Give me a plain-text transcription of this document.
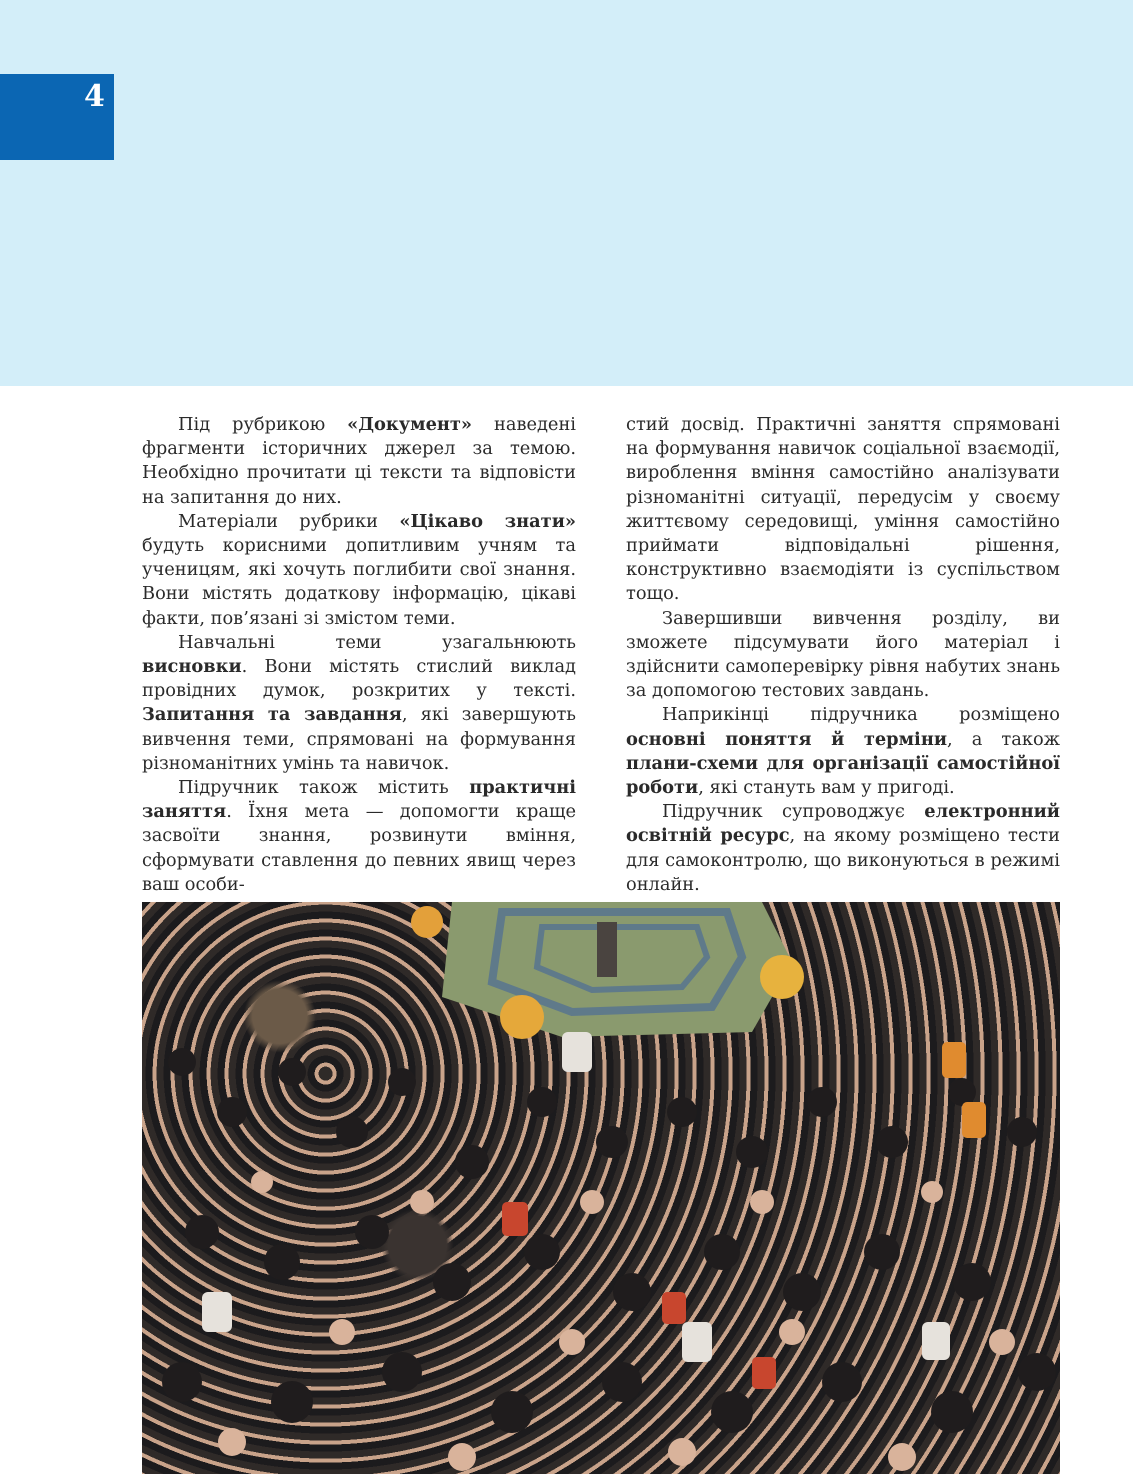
4

Під рубрикою «Документ» наведені фрагменти історичних джерел за темою. Необхідно прочитати ці тексти та відповісти на запитання до них.

Матеріали рубрики «Цікаво знати» будуть корисними допитливим учням та ученицям, які хочуть поглибити свої знання. Вони містять додаткову інформацію, цікаві факти, пов’язані зі змістом теми.

Навчальні теми узагальнюють висновки. Вони містять стислий виклад провідних думок, розкритих у тексті. Запитання та завдання, які завершують вивчення теми, спрямовані на формування різноманітних умінь та навичок.

Підручник також містить практичні заняття. Їхня мета — допомогти краще засвоїти знання, розвинути вміння, сформувати ставлення до певних явищ через ваш особи-

стий досвід. Практичні заняття спрямовані на формування навичок соціальної взаємодії, вироблення вміння самостійно аналізувати різноманітні ситуації, передусім у своєму життєвому середовищі, уміння самостійно приймати відповідальні рішення, конструктивно взаємодіяти із суспільством тощо.

Завершивши вивчення розділу, ви зможете підсумувати його матеріал і здійснити самоперевірку рівня набутих знань за допомогою тестових завдань.

Наприкінці підручника розміщено основні поняття й терміни, а також плани-схеми для організації самостійної роботи, які стануть вам у пригоді.

Підручник супроводжує електронний освітній ресурс, на якому розміщено тести для самоконтролю, що виконуються в режимі онлайн.
